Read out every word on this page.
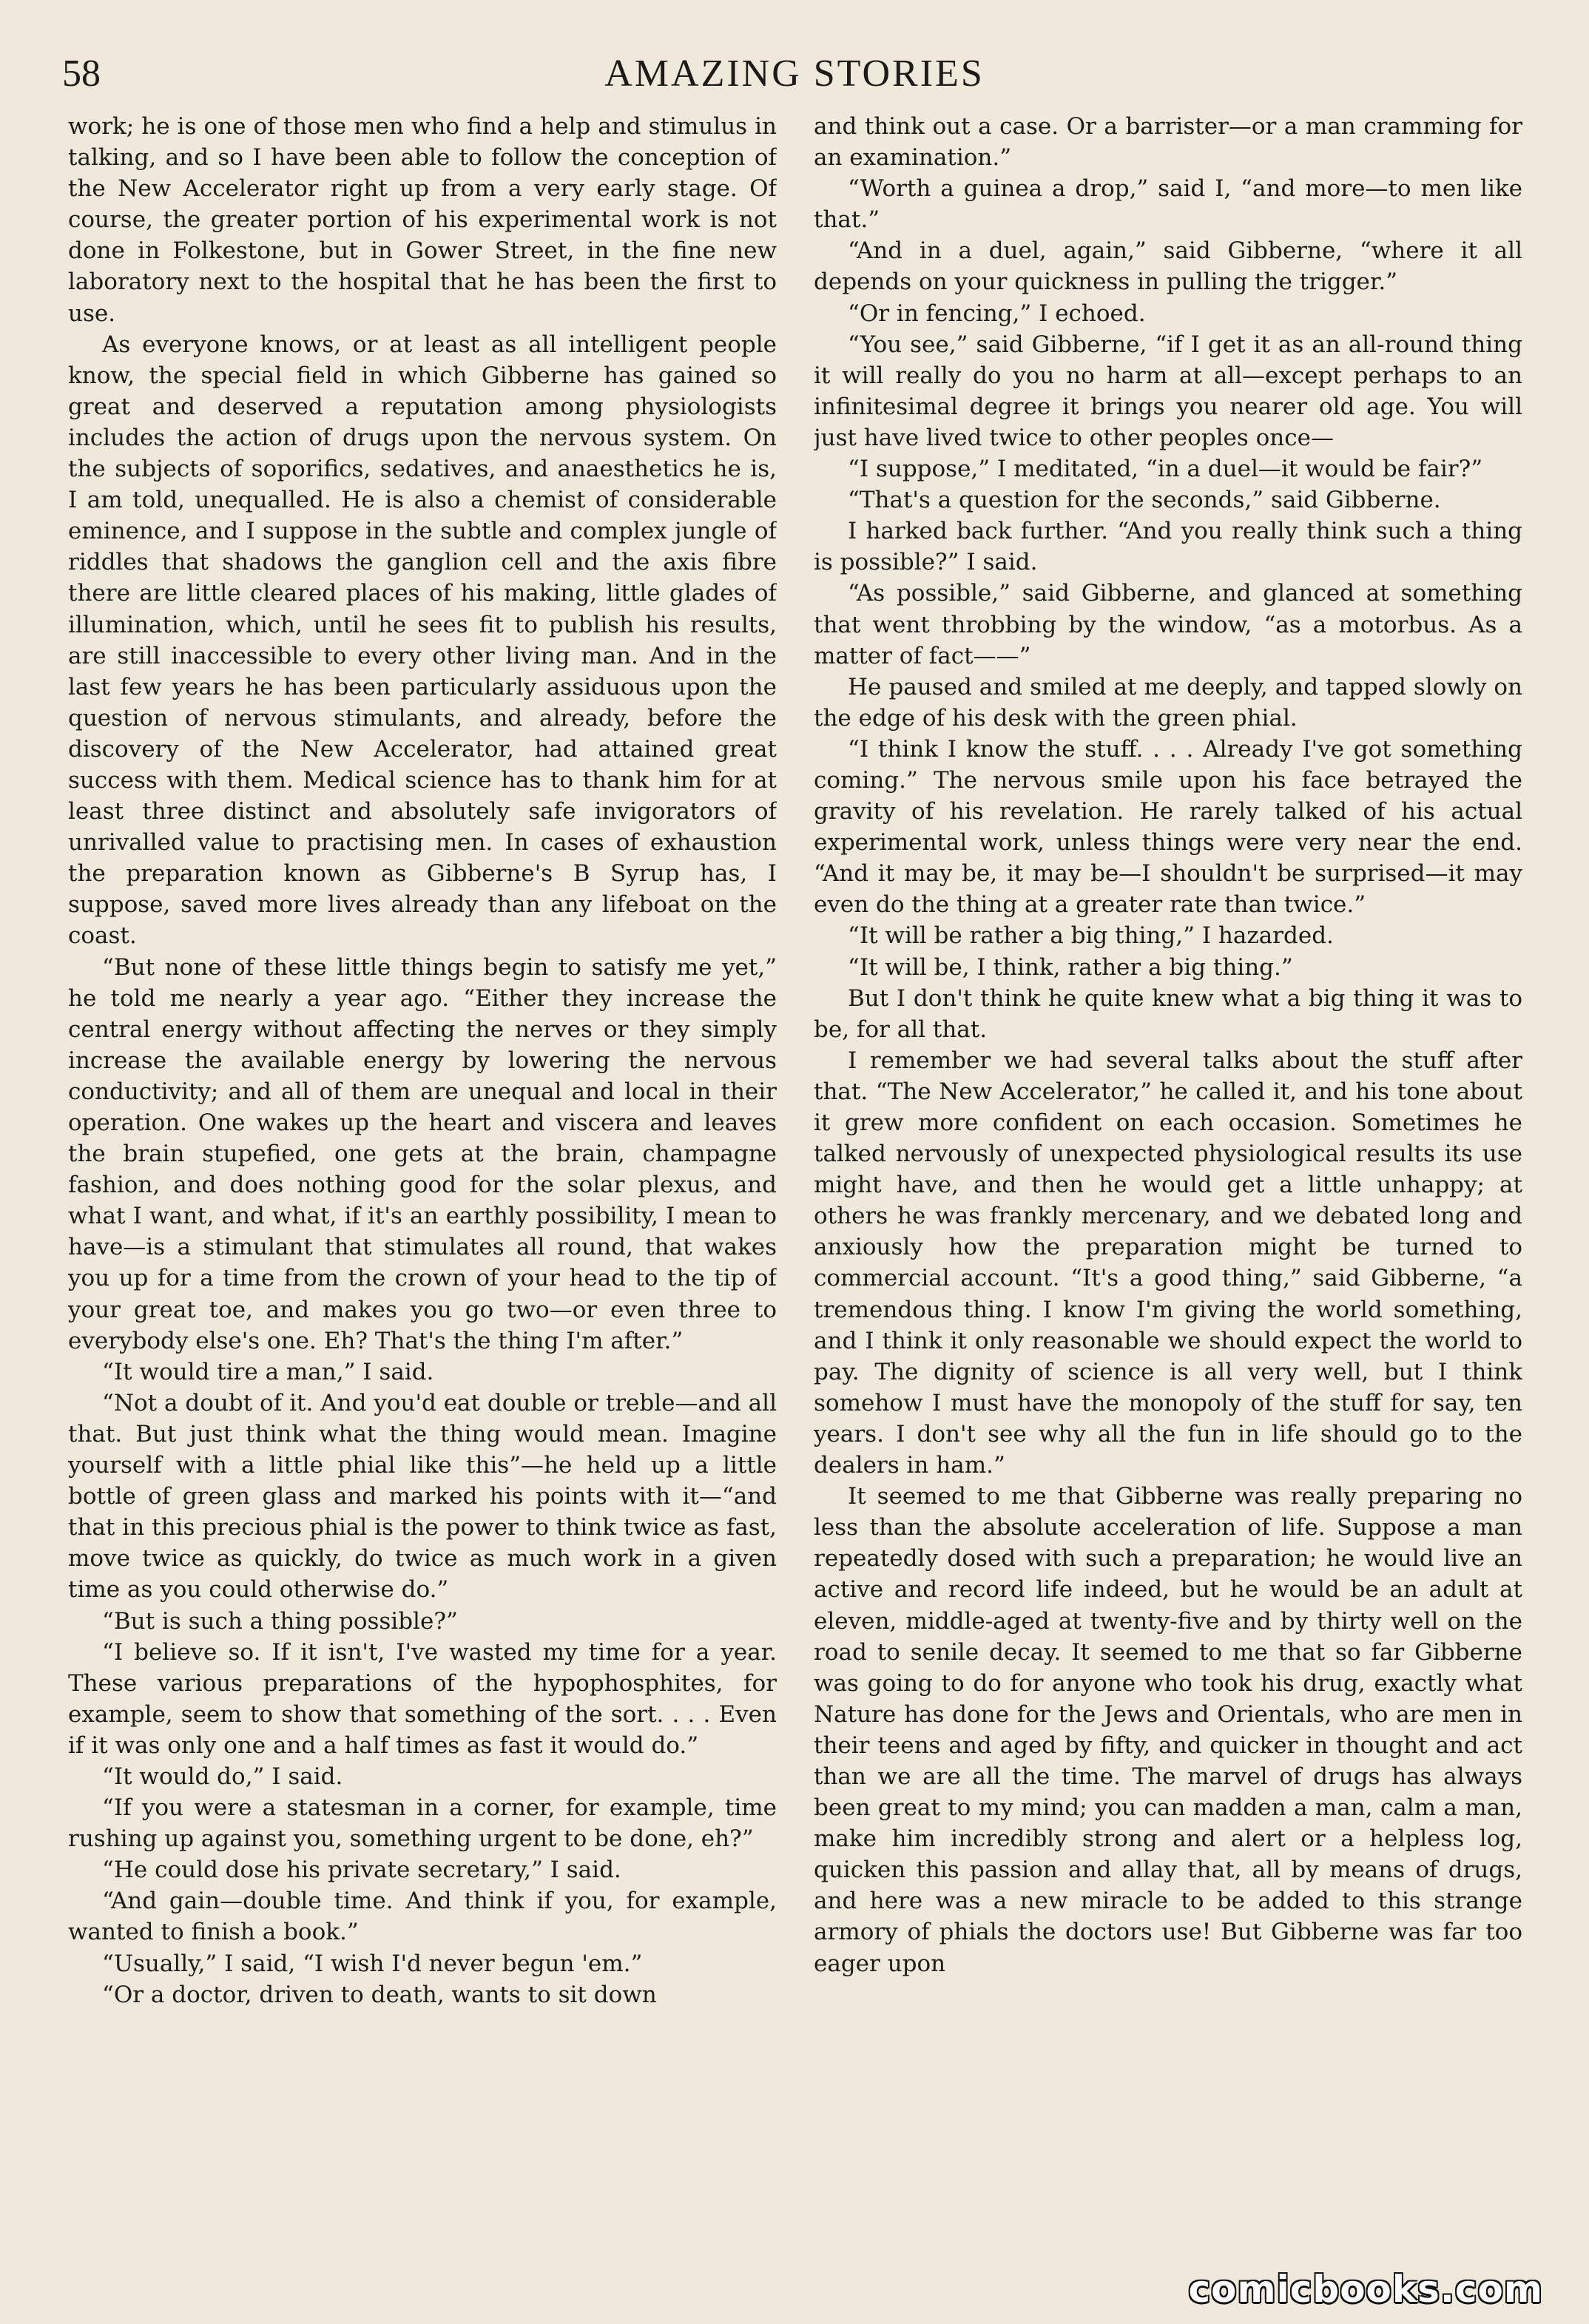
58	AMAZING STORIES

work; he is one of those men who find a help and stimulus in talking, and so I have been able to follow the conception of the New Accelerator right up from a very early stage. Of course, the greater portion of his experimental work is not done in Folkestone, but in Gower Street, in the fine new laboratory next to the hospital that he has been the first to use.

As everyone knows, or at least as all intelligent people know, the special field in which Gibberne has gained so great and deserved a reputation among physiologists includes the action of drugs upon the nervous system. On the subjects of soporifics, sedatives, and anaesthetics he is, I am told, unequalled. He is also a chemist of considerable eminence, and I suppose in the subtle and complex jungle of riddles that shadows the ganglion cell and the axis fibre there are little cleared places of his making, little glades of illumination, which, until he sees fit to publish his results, are still inaccessible to every other living man. And in the last few years he has been particularly assiduous upon the question of nervous stimulants, and already, before the discovery of the New Accelerator, had attained great success with them. Medical science has to thank him for at least three distinct and absolutely safe invigorators of unrivalled value to practising men. In cases of exhaustion the preparation known as Gibberne's B Syrup has, I suppose, saved more lives already than any lifeboat on the coast.

“But none of these little things begin to satisfy me yet,” he told me nearly a year ago. “Either they increase the central energy without affecting the nerves or they simply increase the available energy by lowering the nervous conductivity; and all of them are unequal and local in their operation. One wakes up the heart and viscera and leaves the brain stupefied, one gets at the brain, champagne fashion, and does nothing good for the solar plexus, and what I want, and what, if it's an earthly possibility, I mean to have—is a stimulant that stimulates all round, that wakes you up for a time from the crown of your head to the tip of your great toe, and makes you go two—or even three to everybody else's one. Eh? That's the thing I'm after.”

“It would tire a man,” I said.

“Not a doubt of it. And you'd eat double or treble—and all that. But just think what the thing would mean. Imagine yourself with a little phial like this”—he held up a little bottle of green glass and marked his points with it—“and that in this precious phial is the power to think twice as fast, move twice as quickly, do twice as much work in a given time as you could otherwise do.”

“But is such a thing possible?”

“I believe so. If it isn't, I've wasted my time for a year. These various preparations of the hypophosphites, for example, seem to show that something of the sort. . . . Even if it was only one and a half times as fast it would do.”

“It would do,” I said.

“If you were a statesman in a corner, for example, time rushing up against you, something urgent to be done, eh?”

“He could dose his private secretary,” I said.

“And gain—double time. And think if you, for example, wanted to finish a book.”

“Usually,” I said, “I wish I'd never begun 'em.”

“Or a doctor, driven to death, wants to sit down

and think out a case. Or a barrister—or a man cramming for an examination.”

“Worth a guinea a drop,” said I, “and more—to men like that.”

“And in a duel, again,” said Gibberne, “where it all depends on your quickness in pulling the trigger.”

“Or in fencing,” I echoed.

“You see,” said Gibberne, “if I get it as an all-round thing it will really do you no harm at all—except perhaps to an infinitesimal degree it brings you nearer old age. You will just have lived twice to other peoples once—

“I suppose,” I meditated, “in a duel—it would be fair?”

“That's a question for the seconds,” said Gibberne.

I harked back further. “And you really think such a thing is possible?” I said.

“As possible,” said Gibberne, and glanced at something that went throbbing by the window, “as a motorbus. As a matter of fact——”

He paused and smiled at me deeply, and tapped slowly on the edge of his desk with the green phial.

“I think I know the stuff. . . . Already I've got something coming.” The nervous smile upon his face betrayed the gravity of his revelation. He rarely talked of his actual experimental work, unless things were very near the end. “And it may be, it may be—I shouldn't be surprised—it may even do the thing at a greater rate than twice.”

“It will be rather a big thing,” I hazarded.

“It will be, I think, rather a big thing.”

But I don't think he quite knew what a big thing it was to be, for all that.

I remember we had several talks about the stuff after that. “The New Accelerator,” he called it, and his tone about it grew more confident on each occasion. Sometimes he talked nervously of unexpected physiological results its use might have, and then he would get a little unhappy; at others he was frankly mercenary, and we debated long and anxiously how the preparation might be turned to commercial account. “It's a good thing,” said Gibberne, “a tremendous thing. I know I'm giving the world something, and I think it only reasonable we should expect the world to pay. The dignity of science is all very well, but I think somehow I must have the monopoly of the stuff for say, ten years. I don't see why all the fun in life should go to the dealers in ham.”

It seemed to me that Gibberne was really preparing no less than the absolute acceleration of life. Suppose a man repeatedly dosed with such a preparation; he would live an active and record life indeed, but he would be an adult at eleven, middle-aged at twenty-five and by thirty well on the road to senile decay. It seemed to me that so far Gibberne was going to do for anyone who took his drug, exactly what Nature has done for the Jews and Orientals, who are men in their teens and aged by fifty, and quicker in thought and act than we are all the time. The marvel of drugs has always been great to my mind; you can madden a man, calm a man, make him incredibly strong and alert or a helpless log, quicken this passion and allay that, all by means of drugs, and here was a new miracle to be added to this strange armory of phials the doctors use! But Gibberne was far too eager upon

comicbooks.com
